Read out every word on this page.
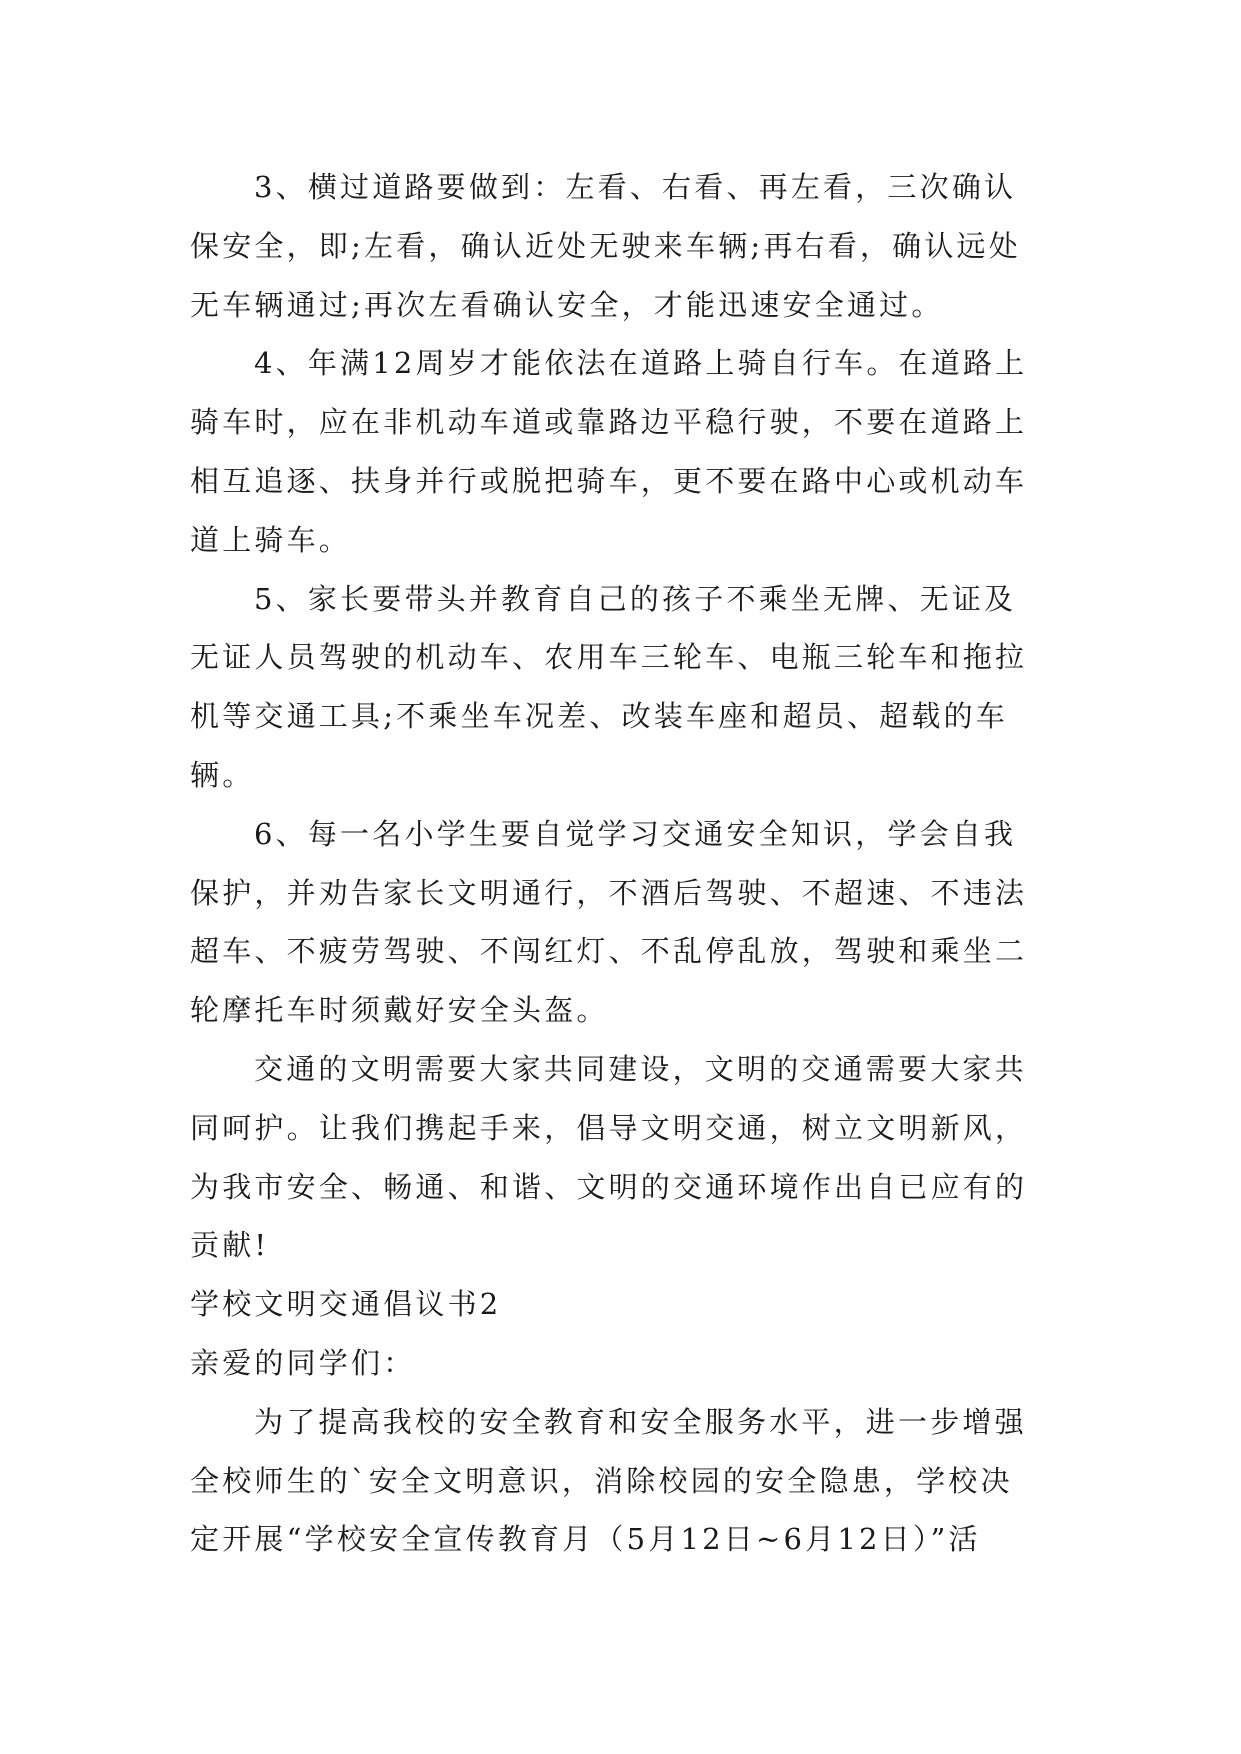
3、横过道路要做到：左看、右看、再左看，三次确认
保安全，即;左看，确认近处无驶来车辆;再右看，确认远处
无车辆通过;再次左看确认安全，才能迅速安全通过。
4、年满12周岁才能依法在道路上骑自行车。在道路上
骑车时，应在非机动车道或靠路边平稳行驶，不要在道路上
相互追逐、扶身并行或脱把骑车，更不要在路中心或机动车
道上骑车。
5、家长要带头并教育自己的孩子不乘坐无牌、无证及
无证人员驾驶的机动车、农用车三轮车、电瓶三轮车和拖拉
机等交通工具;不乘坐车况差、改装车座和超员、超载的车
辆。
6、每一名小学生要自觉学习交通安全知识，学会自我
保护，并劝告家长文明通行，不酒后驾驶、不超速、不违法
超车、不疲劳驾驶、不闯红灯、不乱停乱放，驾驶和乘坐二
轮摩托车时须戴好安全头盔。
交通的文明需要大家共同建设，文明的交通需要大家共
同呵护。让我们携起手来，倡导文明交通，树立文明新风，
为我市安全、畅通、和谐、文明的交通环境作出自已应有的
贡献!
学校文明交通倡议书2
亲爱的同学们：
为了提高我校的安全教育和安全服务水平，进一步增强
全校师生的`安全文明意识，消除校园的安全隐患，学校决
定开展“学校安全宣传教育月（5月12日~6月12日）”活
